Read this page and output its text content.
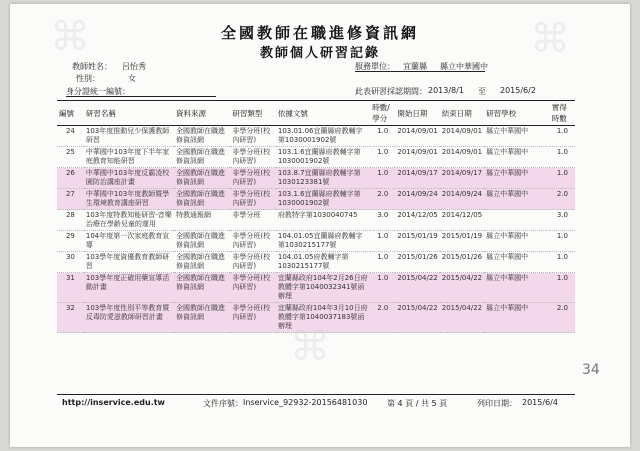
⌘	⌘
⌘
全國教師在職進修資訊網
教師個人研習記錄
教師姓名： 呂怡秀
性別：	女
身分證統一編號：
服務單位： 宜蘭縣 縣立中華國中
此表研習採認期間： 2013/8/1 至 2015/6/2
編號	研習名稱	資料來源	研習類型	依據文號	時數/學分	開始日期	結束日期	研習學校	實得時數
24	103年度推動兒少保護教師研習	全國教師在職進修資訊網	非學分班(校內研習)	103.01.06宜蘭縣府教輔字第1030001902號	1.0	2014/09/01	2014/09/01	縣立中華國中	1.0
25	中華國中103年度下半年家庭教育知能研習	全國教師在職進修資訊網	非學分班(校內研習)	103.1.6宜蘭縣府教輔字第1030001902號	1.0	2014/09/01	2014/09/01	縣立中華國中	1.0
26	中華國中103年度反霸凌校園防治講座計畫	全國教師在職進修資訊網	非學分班(校內研習)	103.8.7宜蘭縣府教輔字第1030123381號	1.0	2014/09/17	2014/09/17	縣立中華國中	1.0
27	中華國中103年度教師暨學生環境教育講座研習	全國教師在職進修資訊網	非學分班(校內研習)	103.1.6宜蘭縣府教輔字第1030001902號	2.0	2014/09/24	2014/09/24	縣立中華國中	2.0
28	103年度特教知能研習-音樂治療在學齡兒童的運用	特教通報網	非學分班	府教特字第1030040745	3.0	2014/12/05	2014/12/05		3.0
29	104年度第一次家庭教育宣導	全國教師在職進修資訊網	非學分班(校內研習)	104.01.05宜蘭縣府教輔字第1030215177號	1.0	2015/01/19	2015/01/19	縣立中華國中	1.0
30	103學年度資優教育教師研習	全國教師在職進修資訊網	非學分班(校內研習)	104.01.05府教輔字第1030215177號	1.0	2015/01/26	2015/01/26	縣立中華國中	1.0
31	103學年度正確用藥宣導活動計畫	全國教師在職進修資訊網	非學分班(校內研習)	宜蘭縣政府104年2月26日府教體字第1040032341號函辦理	1.0	2015/04/22	2015/04/22	縣立中華國中	1.0
32	103學年度性別平等教育暨反毒防愛滋教師研習計畫	全國教師在職進修資訊網	非學分班(校內研習)	宜蘭縣政府104年3月10日府教體字第1040037183號函辦理	2.0	2015/04/22	2015/04/22	縣立中華國中	2.0
34
http://inservice.edu.tw	文件序號： Inservice_92932-20156481030 第 4 頁 / 共 5 頁	列印日期： 2015/6/4
